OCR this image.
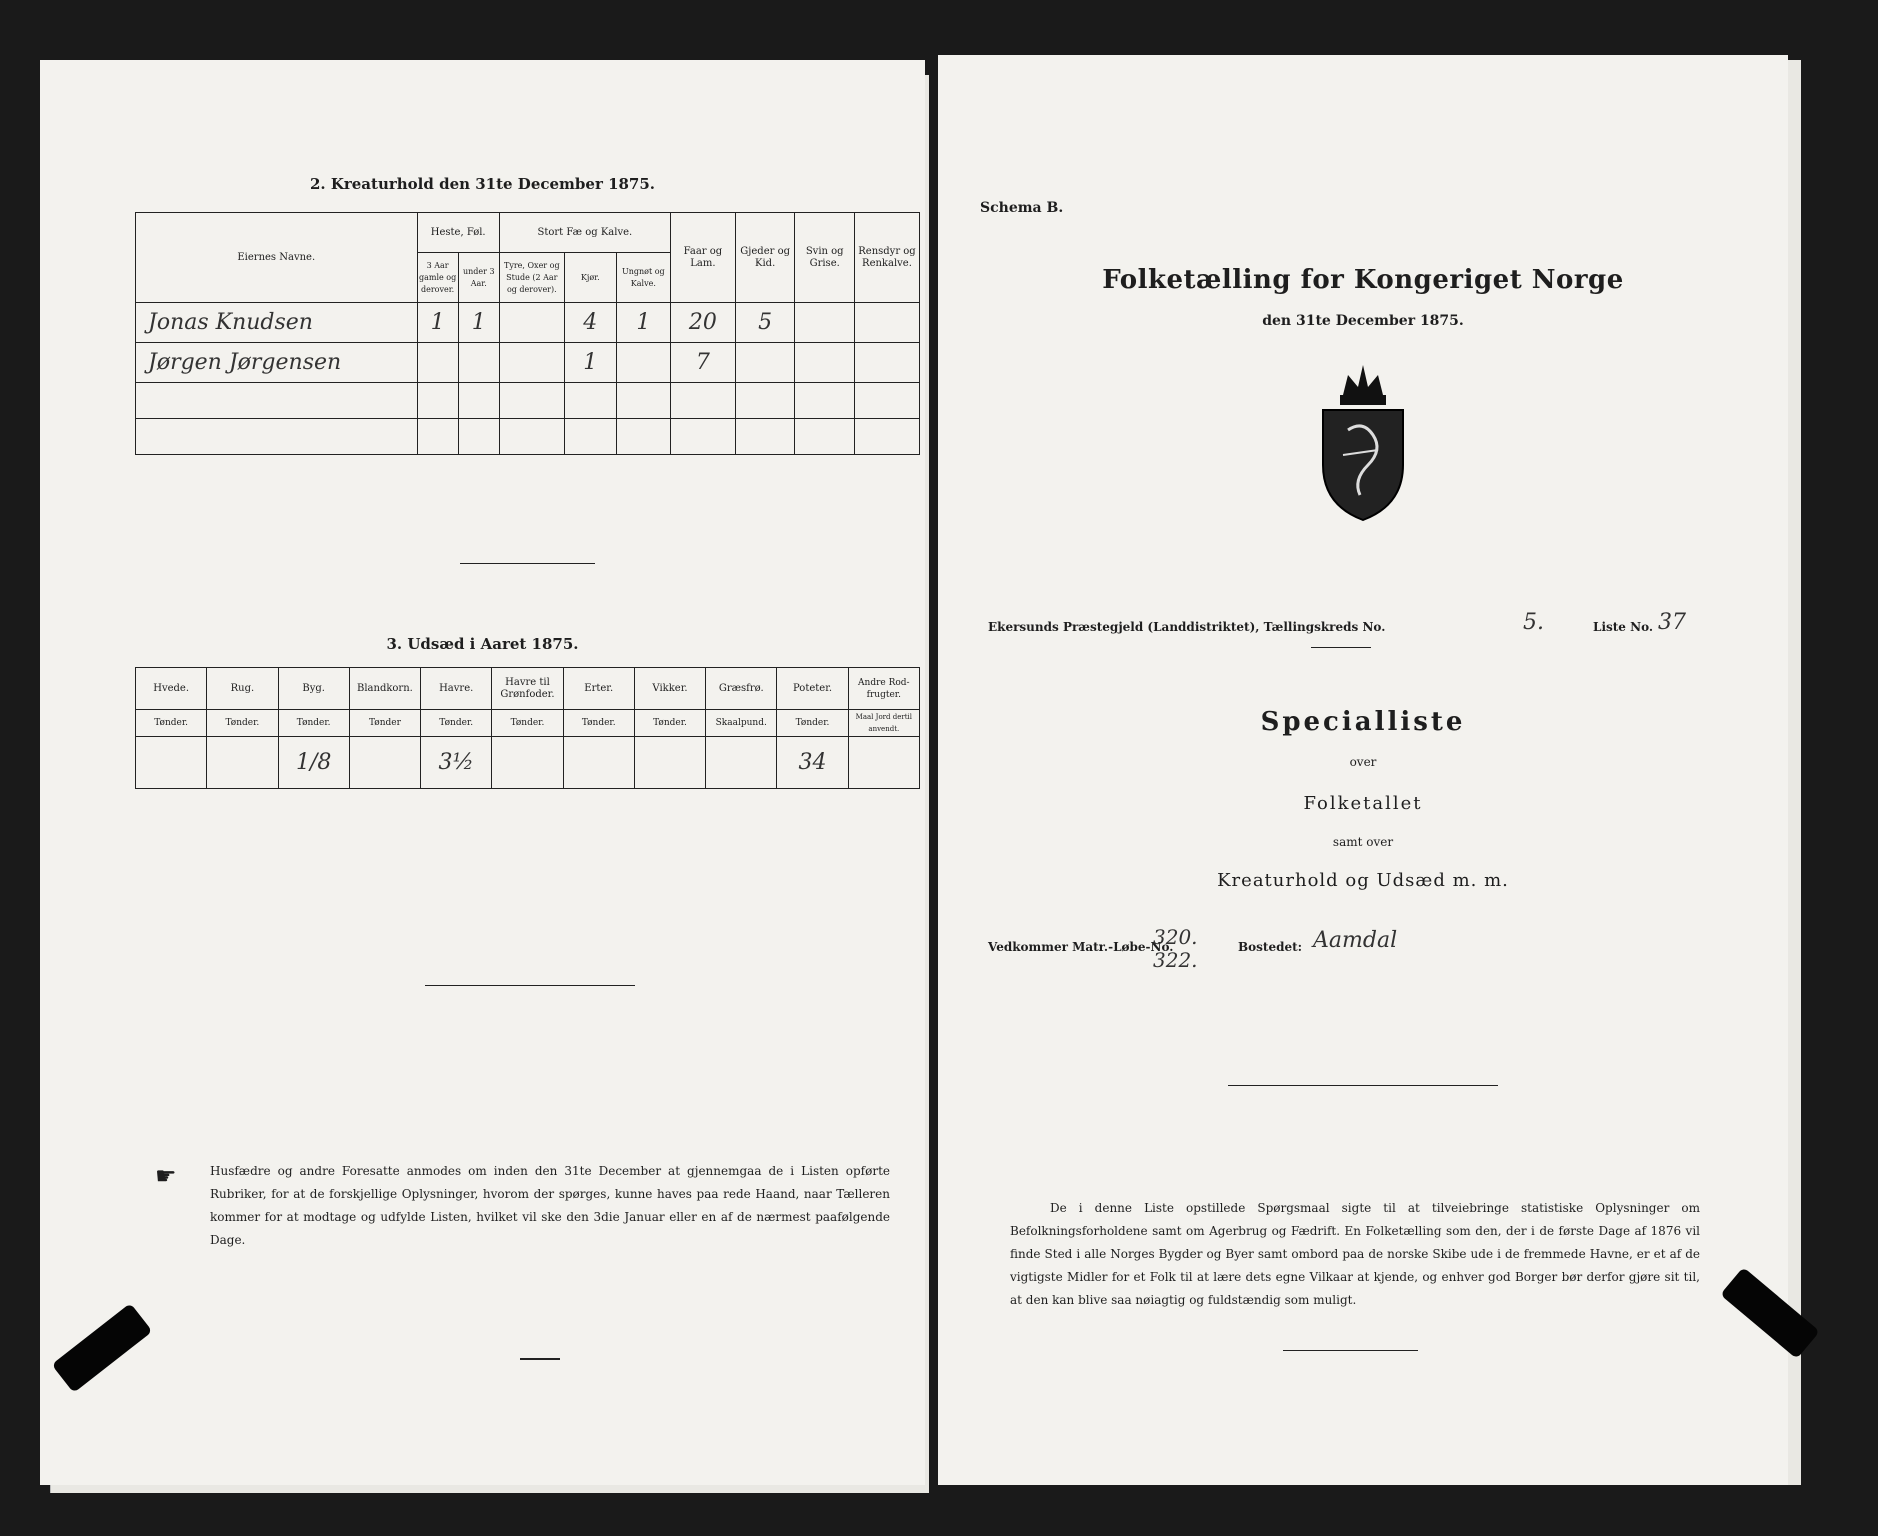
2. Kreaturhold den 31te December 1875.
Eiernes Navne.	Heste, Føl.		Stort Fæ og Kalve.			Faar og Lam.	Gjeder og Kid.	Svin og Grise.	Rensdyr og Renkalve.
	3 Aar gamle og derover.	under 3 Aar.	Tyre, Oxer og Stude (2 Aar og derover).	Kjør.	Ungnøt og Kalve.				
Jonas Knudsen	1	1		4	1	20	5		
Jørgen Jørgensen				1		7			

3. Udsæd i Aaret 1875.
Hvede.	Rug.	Byg.	Blandkorn.	Havre.	Havre til Grønfoder.	Erter.	Vikker.	Græsfrø.	Poteter.	Andre Rod-frugter.
Tønder.	Tønder.	Tønder.	Tønder	Tønder.	Tønder.	Tønder.	Tønder.	Skaalpund.	Tønder.	Maal Jord dertil anvendt.
		1/8		3½					34	
☛	Husfædre og andre Foresatte anmodes om inden den 31te December at gjennemgaa de i Listen opførte Rubriker, for at de forskjellige Oplysninger, hvorom der spørges, kunne haves paa rede Haand, naar Tælleren kommer for at modtage og udfylde Listen, hvilket vil ske den 3die Januar eller en af de nærmest paafølgende Dage.
Schema B.
Folketælling for Kongeriget Norge
den 31te December 1875.
Ekersunds Præstegjeld (Landdistriktet), Tællingskreds No.	5.	Liste No. 37
Specialliste
over
Folketallet
samt over
Kreaturhold og Udsæd m. m.
Vedkommer Matr.-Løbe-No.
320.
322.
Bostedet: Aamdal
De i denne Liste opstillede Spørgsmaal sigte til at tilveiebringe statistiske Oplysninger om Befolkningsforholdene samt om Agerbrug og Fædrift. En Folketælling som den, der i de første Dage af 1876 vil finde Sted i alle Norges Bygder og Byer samt ombord paa de norske Skibe ude i de fremmede Havne, er et af de vigtigste Midler for et Folk til at lære dets egne Vilkaar at kjende, og enhver god Borger bør derfor gjøre sit til, at den kan blive saa nøiagtig og fuldstændig som muligt.
